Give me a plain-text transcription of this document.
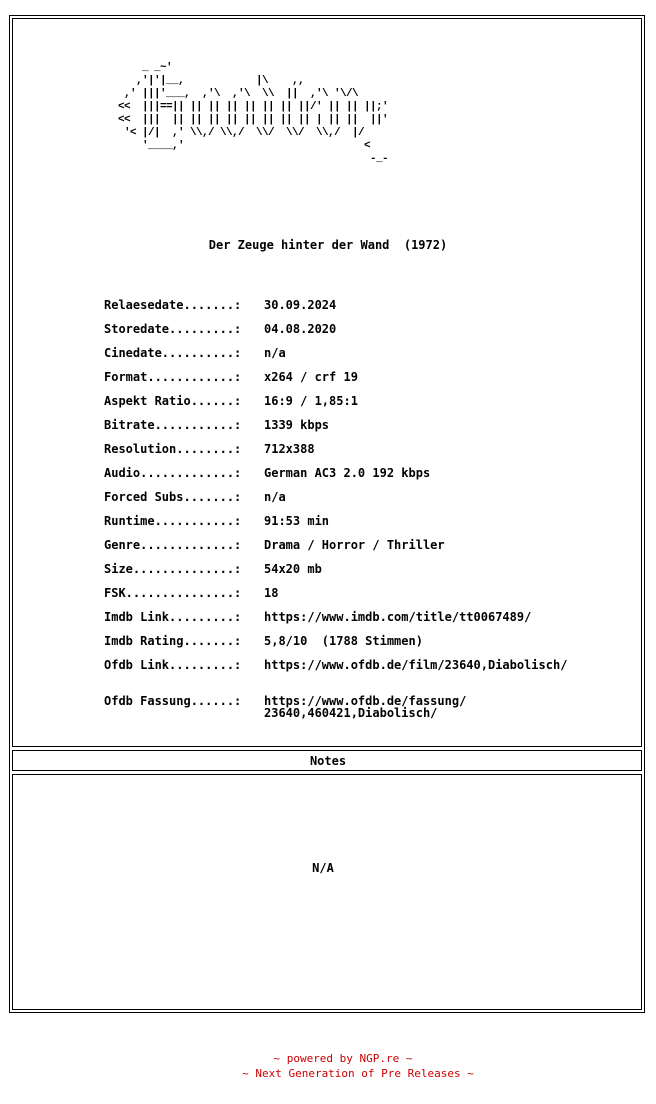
_ _~'
,'|'|__,            |\    ,,
,' |||'___,  ,'\  ,'\  \\  ||  ,'\ '\/\
<<  |||==|| || || || || || || ||/' || || ||;'
<<  |||  || || || || || || || || | || ||  ||'
'< |/|  ,' \\,/ \\,/  \\/  \\/  \\,/  |/
'____,'                              <
-_-
Der Zeuge hinter der Wand  (1972)
Relaesedate.......: 30.09.2024
Storedate.........: 04.08.2020
Cinedate..........: n/a
Format............: x264 / crf 19
Aspekt Ratio......: 16:9 / 1,85:1
Bitrate...........: 1339 kbps
Resolution........: 712x388
Audio.............: German AC3 2.0 192 kbps
Forced Subs.......: n/a
Runtime...........: 91:53 min
Genre.............: Drama / Horror / Thriller
Size..............: 54x20 mb
FSK...............: 18
Imdb Link.........: https://www.imdb.com/title/tt0067489/
Imdb Rating.......: 5,8/10  (1788 Stimmen)
Ofdb Link.........: https://www.ofdb.de/film/23640,Diabolisch/
Ofdb Fassung......: https://www.ofdb.de/fassung/
23640,460421,Diabolisch/
Notes
N/A
~ powered by NGP.re ~
~ Next Generation of Pre Releases ~
